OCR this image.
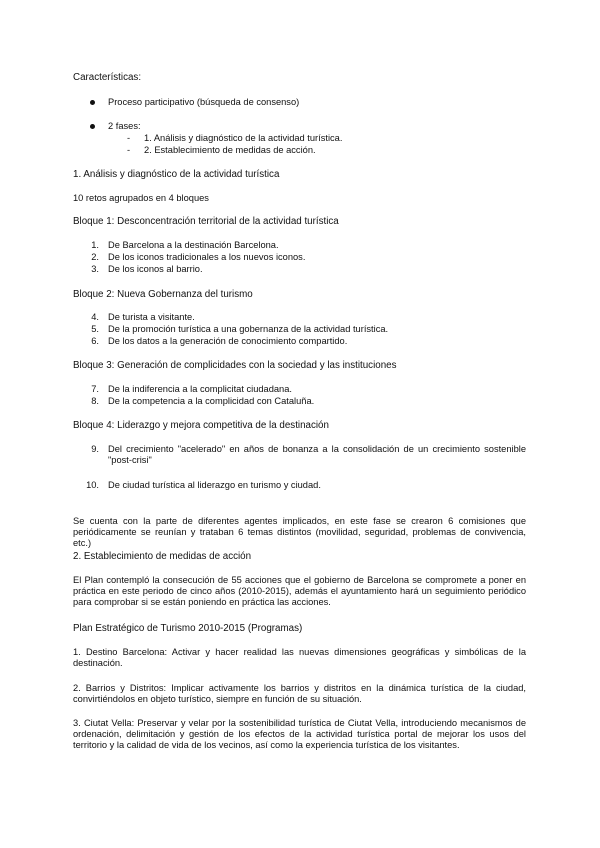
Características:
Proceso participativo (búsqueda de consenso)
2 fases:
- 1. Análisis y diagnóstico de la actividad turística.
- 2. Establecimiento de medidas de acción.
1. Análisis y diagnóstico de la actividad turística
10 retos agrupados en 4 bloques
Bloque 1: Desconcentración territorial de la actividad turística
1. De Barcelona a la destinación Barcelona.
2. De los iconos tradicionales a los nuevos iconos.
3. De los iconos al barrio.
Bloque 2: Nueva Gobernanza del turismo
4. De turista a visitante.
5. De la promoción turística a una gobernanza de la actividad turística.
6. De los datos a la generación de conocimiento compartido.
Bloque 3: Generación de complicidades con la sociedad y las instituciones
7. De la indiferencia a la complicitat ciudadana.
8. De la competencia a la complicidad con Cataluña.
Bloque 4: Liderazgo y mejora competitiva de la destinación
9. Del crecimiento "acelerado" en años de bonanza a la consolidación de un crecimiento sostenible "post-crisi"
10. De ciudad turística al liderazgo en turismo y ciudad.
Se cuenta con la parte de diferentes agentes implicados, en este fase se crearon 6 comisiones que periódicamente se reunían y trataban 6 temas distintos (movilidad, seguridad, problemas de convivencia, etc.)
2. Establecimiento de medidas de acción
El Plan contempló la consecución de 55 acciones que el gobierno de Barcelona se compromete a poner en práctica en este periodo de cinco años (2010-2015), además el ayuntamiento hará un seguimiento periódico para comprobar si se están poniendo en práctica las acciones.
Plan Estratégico de Turismo 2010-2015 (Programas)
1. Destino Barcelona: Activar y hacer realidad las nuevas dimensiones geográficas y simbólicas de la destinación.
2. Barrios y Distritos: Implicar activamente los barrios y distritos en la dinámica turística de la ciudad, convirtiéndolos en objeto turístico, siempre en función de su situación.
3. Ciutat Vella: Preservar y velar por la sostenibilidad turística de Ciutat Vella, introduciendo mecanismos de ordenación, delimitación y gestión de los efectos de la actividad turística portal de mejorar los usos del territorio y la calidad de vida de los vecinos, así como la experiencia turística de los visitantes.
